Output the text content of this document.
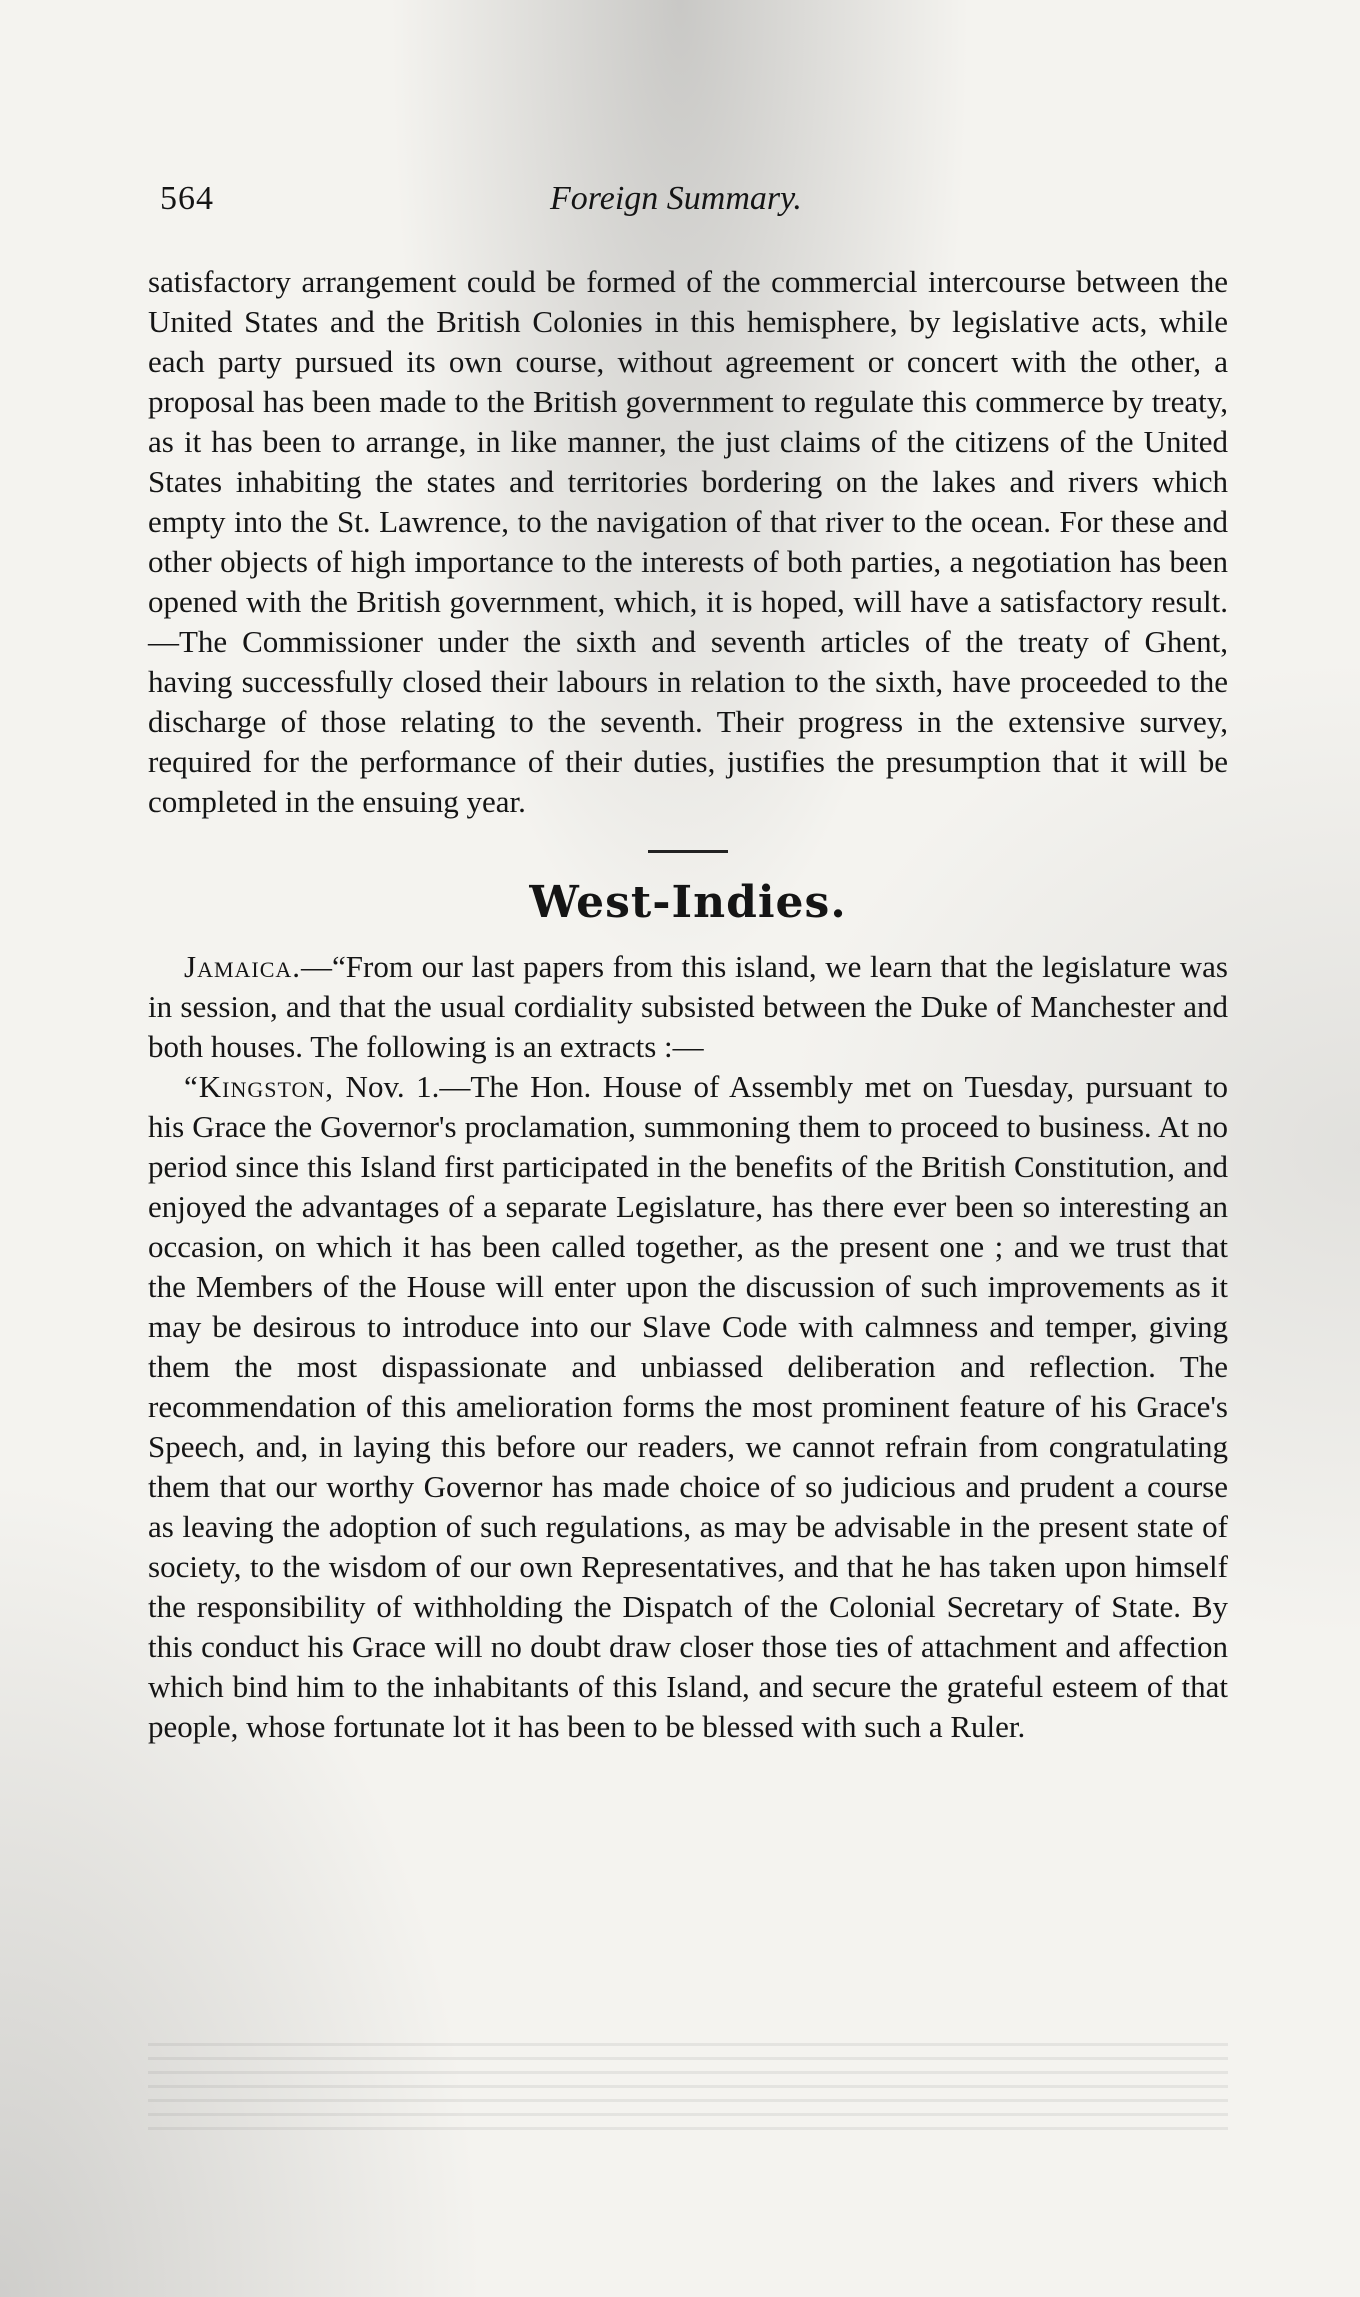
564	Foreign Summary.

satisfactory arrangement could be formed of the commercial intercourse between the United States and the British Colonies in this hemisphere, by legislative acts, while each party pursued its own course, without agreement or concert with the other, a proposal has been made to the British government to regulate this commerce by treaty, as it has been to arrange, in like manner, the just claims of the citizens of the United States inhabiting the states and territories bordering on the lakes and rivers which empty into the St. Lawrence, to the navigation of that river to the ocean. For these and other objects of high importance to the interests of both parties, a negotiation has been opened with the British government, which, it is hoped, will have a satisfactory result.—The Commissioner under the sixth and seventh articles of the treaty of Ghent, having successfully closed their labours in relation to the sixth, have proceeded to the discharge of those relating to the seventh. Their progress in the extensive survey, required for the performance of their duties, justifies the presumption that it will be completed in the ensuing year.

West-Indies.

Jamaica.—“From our last papers from this island, we learn that the legislature was in session, and that the usual cordiality subsisted between the Duke of Manchester and both houses. The following is an extracts :—

“Kingston, Nov. 1.—The Hon. House of Assembly met on Tuesday, pursuant to his Grace the Governor's proclamation, summoning them to proceed to business. At no period since this Island first participated in the benefits of the British Constitution, and enjoyed the advantages of a separate Legislature, has there ever been so interesting an occasion, on which it has been called together, as the present one ; and we trust that the Members of the House will enter upon the discussion of such improvements as it may be desirous to introduce into our Slave Code with calmness and temper, giving them the most dispassionate and unbiassed deliberation and reflection. The recommendation of this amelioration forms the most prominent feature of his Grace's Speech, and, in laying this before our readers, we cannot refrain from congratulating them that our worthy Governor has made choice of so judicious and prudent a course as leaving the adoption of such regulations, as may be advisable in the present state of society, to the wisdom of our own Representatives, and that he has taken upon himself the responsibility of withholding the Dispatch of the Colonial Secretary of State. By this conduct his Grace will no doubt draw closer those ties of attachment and affection which bind him to the inhabitants of this Island, and secure the grateful esteem of that people, whose fortunate lot it has been to be blessed with such a Ruler.
